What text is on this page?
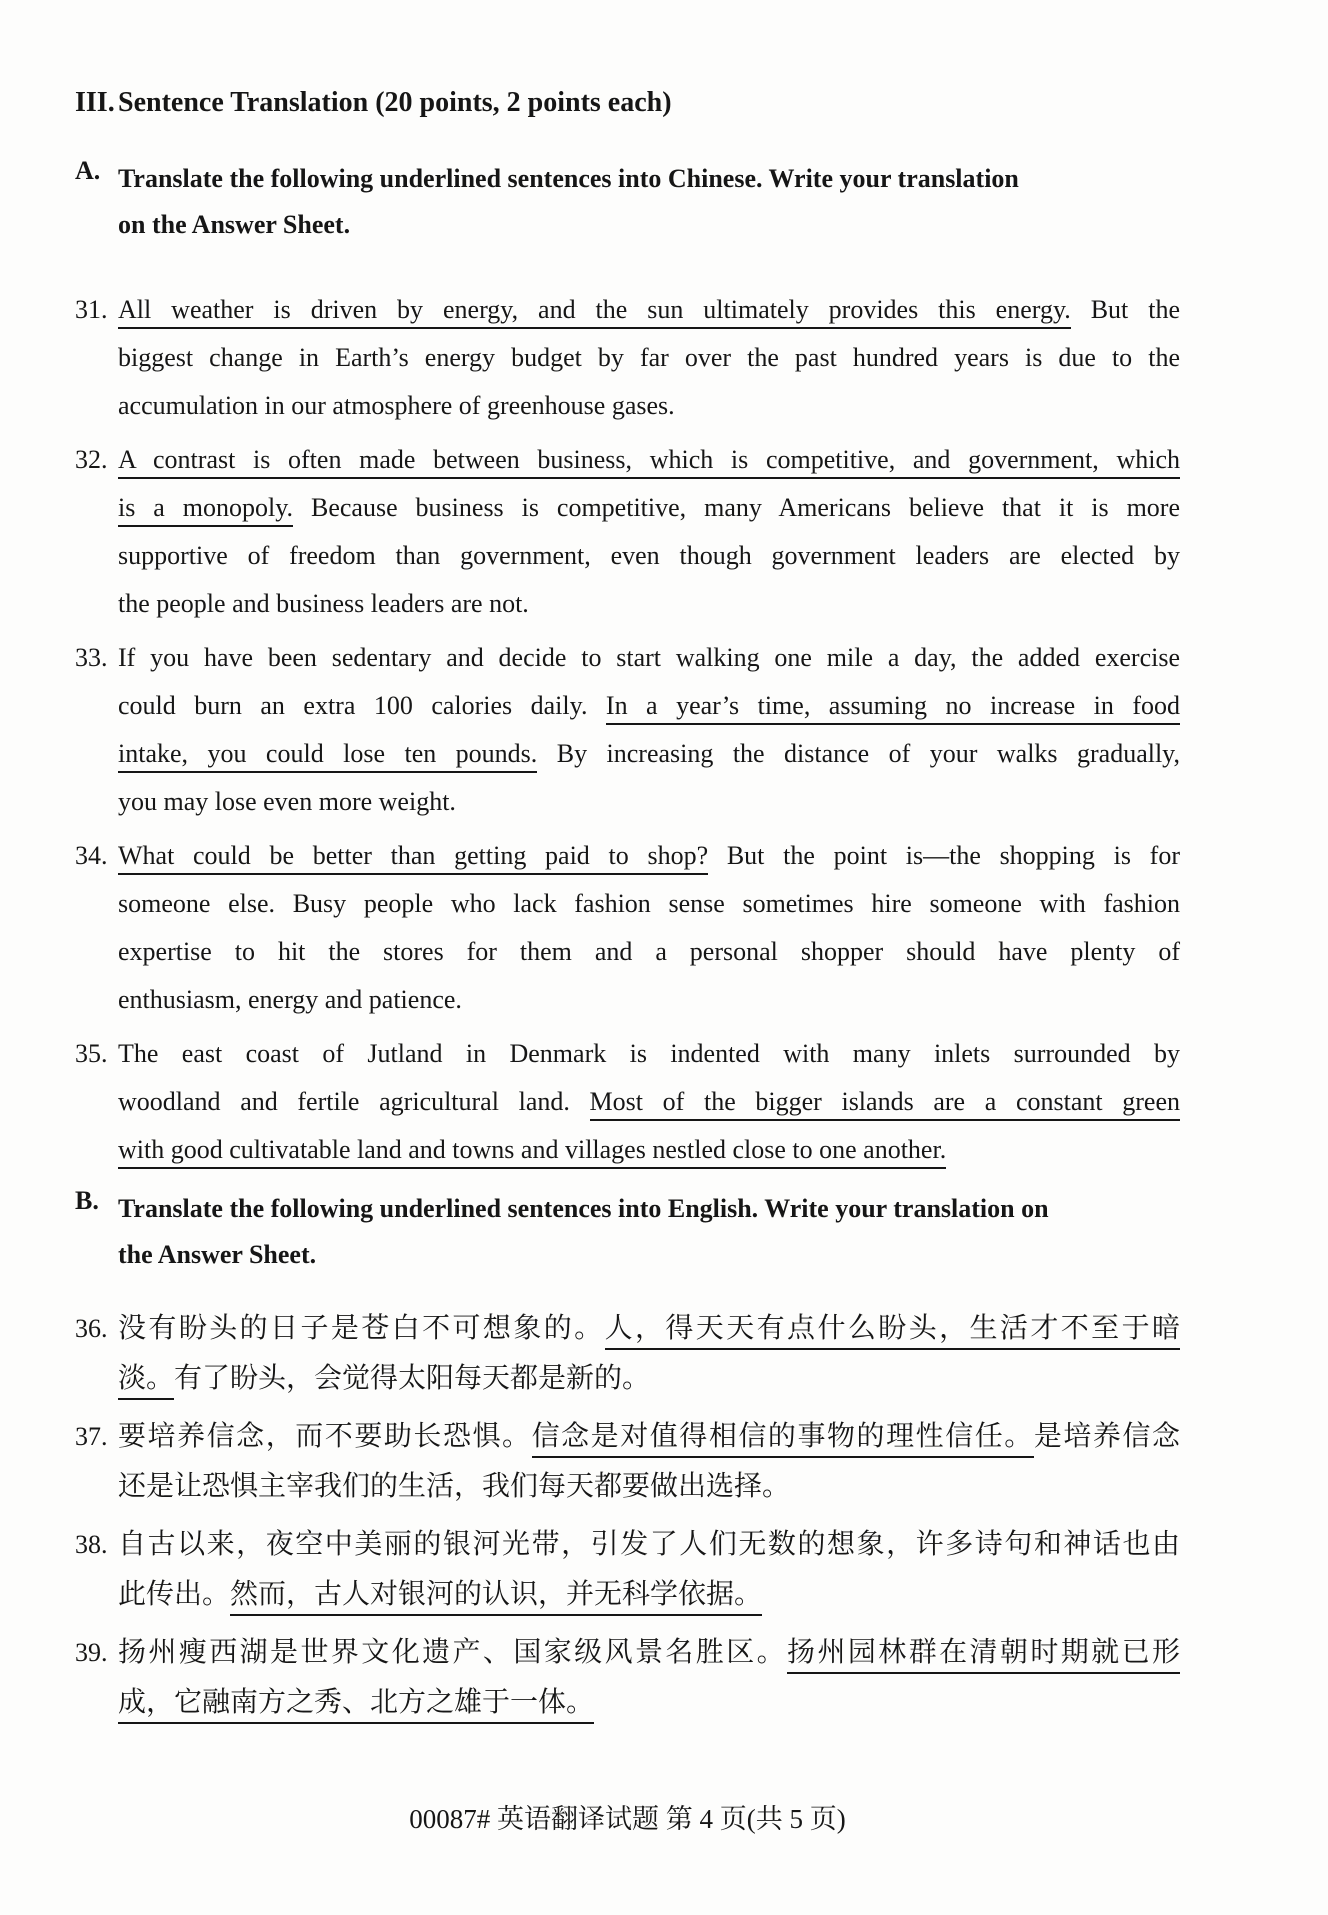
III. Sentence Translation (20 points, 2 points each)
A. Translate the following underlined sentences into Chinese. Write your translation
on the Answer Sheet.
31. All weather is driven by energy, and the sun ultimately provides this energy. But the
biggest change in Earth’s energy budget by far over the past hundred years is due to the
accumulation in our atmosphere of greenhouse gases.
32. A contrast is often made between business, which is competitive, and government, which
is a monopoly. Because business is competitive, many Americans believe that it is more
supportive of freedom than government, even though government leaders are elected by
the people and business leaders are not.
33. If you have been sedentary and decide to start walking one mile a day, the added exercise
could burn an extra 100 calories daily. In a year’s time, assuming no increase in food
intake, you could lose ten pounds. By increasing the distance of your walks gradually,
you may lose even more weight.
34. What could be better than getting paid to shop? But the point is—the shopping is for
someone else. Busy people who lack fashion sense sometimes hire someone with fashion
expertise to hit the stores for them and a personal shopper should have plenty of
enthusiasm, energy and patience.
35. The east coast of Jutland in Denmark is indented with many inlets surrounded by
woodland and fertile agricultural land. Most of the bigger islands are a constant green
with good cultivatable land and towns and villages nestled close to one another.
B. Translate the following underlined sentences into English. Write your translation on
the Answer Sheet.
36. 没有盼头的日子是苍白不可想象的。人，得天天有点什么盼头，生活才不至于暗
淡。有了盼头，会觉得太阳每天都是新的。
37. 要培养信念，而不要助长恐惧。信念是对值得相信的事物的理性信任。是培养信念
还是让恐惧主宰我们的生活，我们每天都要做出选择。
38. 自古以来，夜空中美丽的银河光带，引发了人们无数的想象，许多诗句和神话也由
此传出。然而，古人对银河的认识，并无科学依据。
39. 扬州瘦西湖是世界文化遗产、国家级风景名胜区。扬州园林群在清朝时期就已形
成，它融南方之秀、北方之雄于一体。
00087# 英语翻译试题 第 4 页(共 5 页)
